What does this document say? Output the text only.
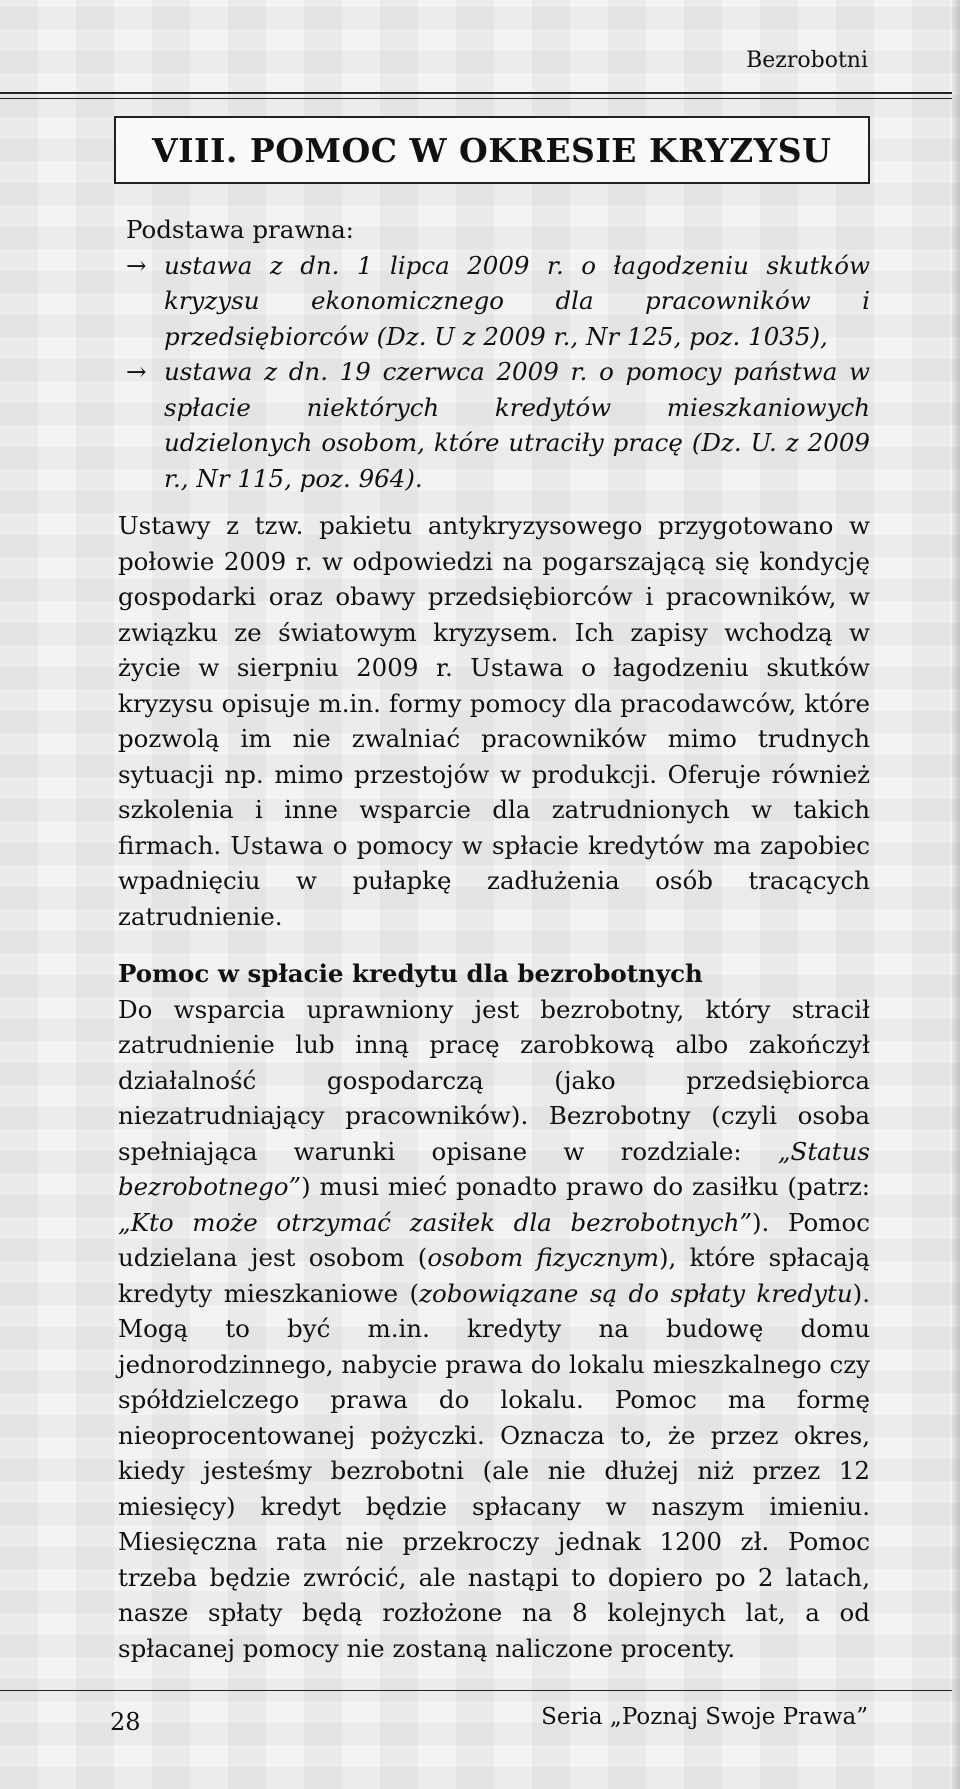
Bezrobotni
VIII. POMOC W OKRESIE KRYZYSU
Podstawa prawna:
→ ustawa z dn. 1 lipca 2009 r. o łagodzeniu skutków kryzysu ekonomicznego dla pracowników i przedsiębiorców (Dz. U z 2009 r., Nr 125, poz. 1035),
→ ustawa z dn. 19 czerwca 2009 r. o pomocy państwa w spłacie niektórych kredytów mieszkaniowych udzielonych osobom, które utraciły pracę (Dz. U. z 2009 r., Nr 115, poz. 964).

Ustawy z tzw. pakietu antykryzysowego przygotowano w połowie 2009 r. w odpowiedzi na pogarszającą się kondycję gospodarki oraz obawy przedsiębiorców i pracowników, w związku ze światowym kryzysem. Ich zapisy wchodzą w życie w sierpniu 2009 r. Ustawa o łagodzeniu skutków kryzysu opisuje m.in. formy pomocy dla pracodawców, które pozwolą im nie zwalniać pracowników mimo trudnych sytuacji np. mimo przestojów w produkcji. Oferuje również szkolenia i inne wsparcie dla zatrudnionych w takich firmach. Ustawa o pomocy w spłacie kredytów ma zapobiec wpadnięciu w pułapkę zadłużenia osób tracących zatrudnienie.

Pomoc w spłacie kredytu dla bezrobotnych
Do wsparcia uprawniony jest bezrobotny, który stracił zatrudnienie lub inną pracę zarobkową albo zakończył działalność gospodarczą (jako przedsiębiorca niezatrudniający pracowników). Bezrobotny (czyli osoba spełniająca warunki opisane w rozdziale: „Status bezrobotnego”) musi mieć ponadto prawo do zasiłku (patrz: „Kto może otrzymać zasiłek dla bezrobotnych”). Pomoc udzielana jest osobom (osobom fizycznym), które spłacają kredyty mieszkaniowe (zobowiązane są do spłaty kredytu). Mogą to być m.in. kredyty na budowę domu jednorodzinnego, nabycie prawa do lokalu mieszkalnego czy spółdzielczego prawa do lokalu. Pomoc ma formę nieoprocentowanej pożyczki. Oznacza to, że przez okres, kiedy jesteśmy bezrobotni (ale nie dłużej niż przez 12 miesięcy) kredyt będzie spłacany w naszym imieniu. Miesięczna rata nie przekroczy jednak 1200 zł. Pomoc trzeba będzie zwrócić, ale nastąpi to dopiero po 2 latach, nasze spłaty będą rozłożone na 8 kolejnych lat, a od spłacanej pomocy nie zostaną naliczone procenty.
28	Seria „Poznaj Swoje Prawa”
